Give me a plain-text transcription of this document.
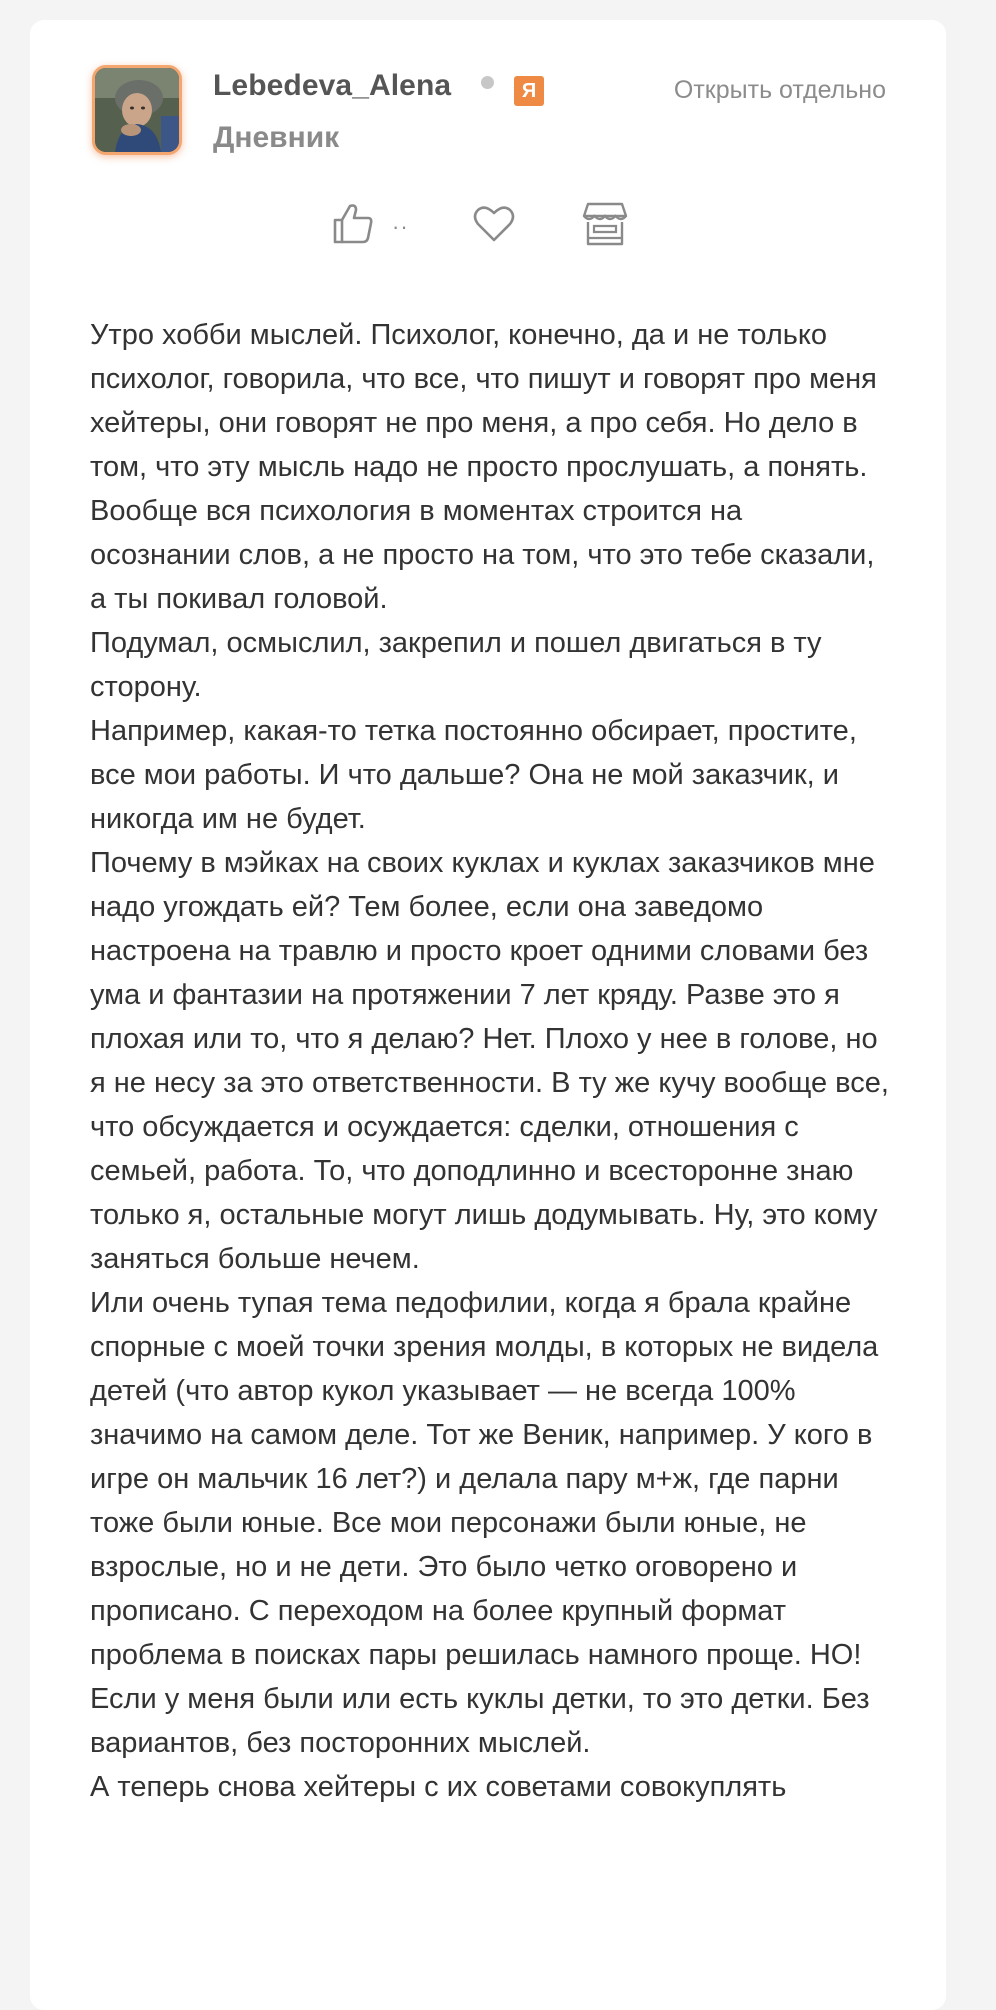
Lebedeva_Alena	Я
Дневник
Открыть отдельно
··

Утро хобби мыслей. Психолог, конечно, да и не только психолог, говорила, что все, что пишут и говорят про меня хейтеры, они говорят не про меня, а про себя. Но дело в том, что эту мысль надо не просто прослушать, а понять. Вообще вся психология в моментах строится на осознании слов, а не просто на том, что это тебе сказали, а ты покивал головой.

Подумал, осмыслил, закрепил и пошел двигаться в ту сторону.

Например, какая-то тетка постоянно обсирает, простите, все мои работы. И что дальше? Она не мой заказчик, и никогда им не будет.

Почему в мэйках на своих куклах и куклах заказчиков мне надо угождать ей? Тем более, если она заведомо настроена на травлю и просто кроет одними словами без ума и фантазии на протяжении 7 лет кряду. Разве это я плохая или то, что я делаю? Нет. Плохо у нее в голове, но я не несу за это ответственности. В ту же кучу вообще все, что обсуждается и осуждается: сделки, отношения с семьей, работа. То, что доподлинно и всесторонне знаю только я, остальные могут лишь додумывать. Ну, это кому заняться больше нечем.

Или очень тупая тема педофилии, когда я брала крайне спорные с моей точки зрения молды, в которых не видела детей (что автор кукол указывает — не всегда 100% значимо на самом деле. Тот же Веник, например. У кого в игре он мальчик 16 лет?) и делала пару м+ж, где парни тоже были юные. Все мои персонажи были юные, не взрослые, но и не дети. Это было четко оговорено и прописано. С переходом на более крупный формат проблема в поисках пары решилась намного проще. НО! Если у меня были или есть куклы детки, то это детки. Без вариантов, без посторонних мыслей.

А теперь снова хейтеры с их советами совокуплять
